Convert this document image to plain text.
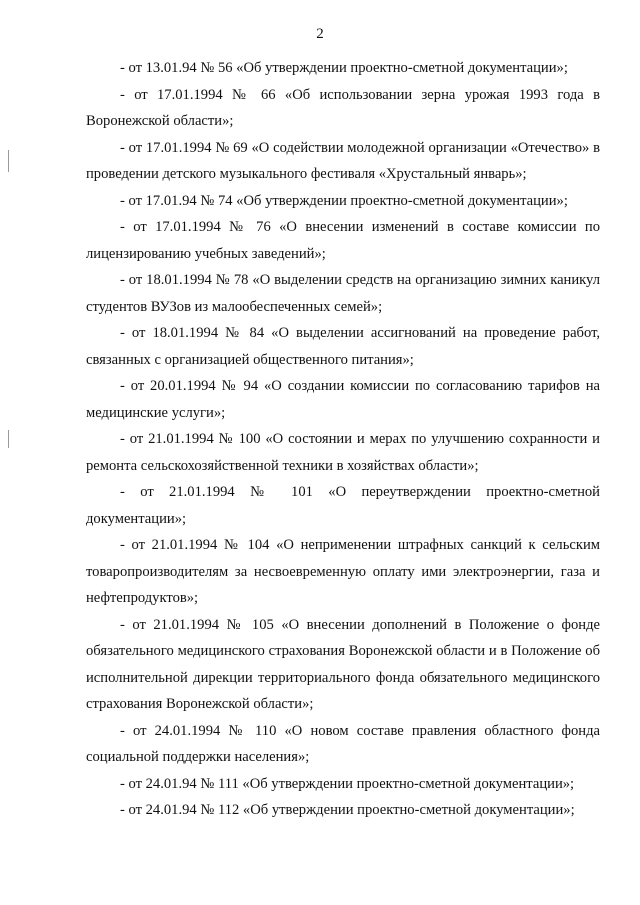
2

- от 13.01.94 № 56 «Об утверждении проектно-сметной документации»;

- от 17.01.1994 № 66 «Об использовании зерна урожая 1993 года в Воронежской области»;

- от 17.01.1994 № 69 «О содействии молодежной организации «Отечество» в проведении детского музыкального фестиваля «Хрустальный январь»;

- от 17.01.94 № 74 «Об утверждении проектно-сметной документации»;

- от 17.01.1994 № 76 «О внесении изменений в составе комиссии по лицензированию учебных заведений»;

- от 18.01.1994 № 78 «О выделении средств на организацию зимних каникул студентов ВУЗов из малообеспеченных семей»;

- от 18.01.1994 № 84 «О выделении ассигнований на проведение работ, связанных с организацией общественного питания»;

- от 20.01.1994 № 94 «О создании комиссии по согласованию тарифов на медицинские услуги»;

- от 21.01.1994 № 100 «О состоянии и мерах по улучшению сохранности и ремонта сельскохозяйственной техники в хозяйствах области»;

- от 21.01.1994 № 101 «О переутверждении проектно-сметной документации»;

- от 21.01.1994 № 104 «О неприменении штрафных санкций к сельским товаропроизводителям за несвоевременную оплату ими электроэнергии, газа и нефтепродуктов»;

- от 21.01.1994 № 105 «О внесении дополнений в Положение о фонде обязательного медицинского страхования Воронежской области и в Положение об исполнительной дирекции территориального фонда обязательного медицинского страхования Воронежской области»;

- от 24.01.1994 № 110 «О новом составе правления областного фонда социальной поддержки населения»;

- от 24.01.94 № 111 «Об утверждении проектно-сметной документации»;

- от 24.01.94 № 112 «Об утверждении проектно-сметной документации»;
